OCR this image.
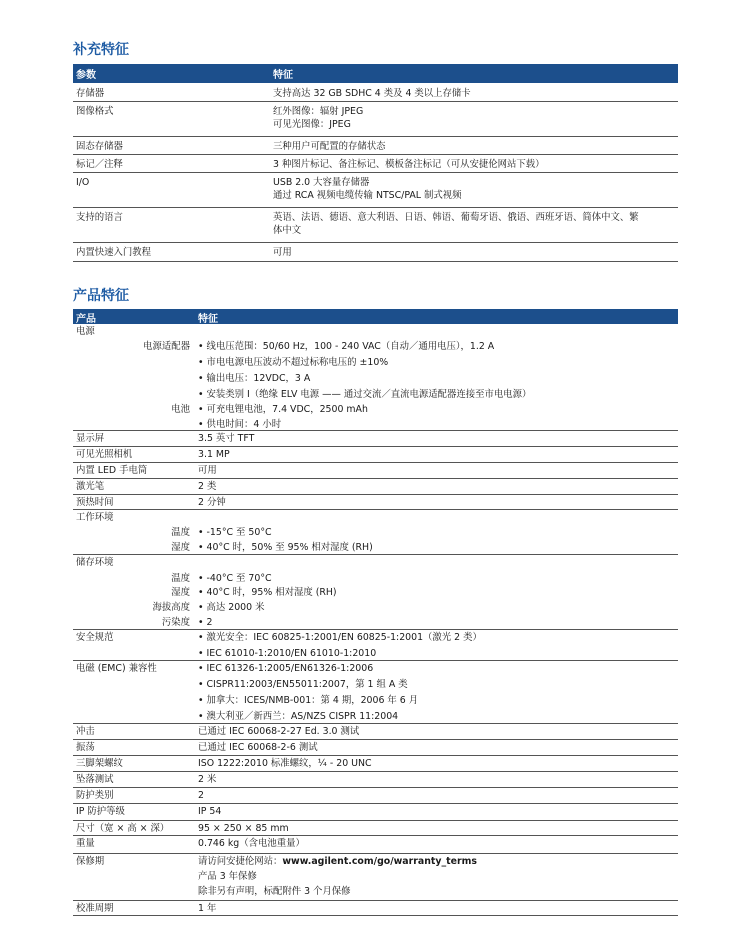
补充特征
参数	特征
存储器	支持高达 32 GB SDHC 4 类及 4 类以上存储卡
图像格式	红外图像：辐射 JPEG
可见光图像：JPEG
固态存储器	三种用户可配置的存储状态
标记／注释	3 种图片标记、备注标记、模板备注标记（可从安捷伦网站下载）
I/O	USB 2.0 大容量存储器
通过 RCA 视频电缆传输 NTSC/PAL 制式视频
支持的语言	英语、法语、德语、意大利语、日语、韩语、葡萄牙语、俄语、西班牙语、简体中文、繁
体中文
内置快速入门教程	可用
产品特征
产品	特征
电源
电源适配器	• 线电压范围：50/60 Hz，100 - 240 VAC（自动／通用电压），1.2 A
• 市电电源电压波动不超过标称电压的 ±10%
• 输出电压：12VDC，3 A
• 安装类别 I（绝缘 ELV 电源 —— 通过交流／直流电源适配器连接至市电电源）
电池	• 可充电锂电池，7.4 VDC，2500 mAh
• 供电时间：4 小时
显示屏	3.5 英寸 TFT
可见光照相机	3.1 MP
内置 LED 手电筒	可用
激光笔	2 类
预热时间	2 分钟
工作环境
温度	• -15°C 至 50°C
湿度	• 40°C 时，50% 至 95% 相对湿度 (RH)
储存环境
温度	• -40°C 至 70°C
湿度	• 40°C 时，95% 相对湿度 (RH)
海拔高度	• 高达 2000 米
污染度	• 2
安全规范	• 激光安全：IEC 60825-1:2001/EN 60825-1:2001（激光 2 类）
• IEC 61010-1:2010/EN 61010-1:2010
电磁 (EMC) 兼容性	• IEC 61326-1:2005/EN61326-1:2006
• CISPR11:2003/EN55011:2007，第 1 组 A 类
• 加拿大：ICES/NMB-001：第 4 期，2006 年 6 月
• 澳大利亚／新西兰：AS/NZS CISPR 11:2004
冲击	已通过 IEC 60068-2-27 Ed. 3.0 测试
振荡	已通过 IEC 60068-2-6 测试
三脚架螺纹	ISO 1222:2010 标准螺纹，¼ - 20 UNC
坠落测试	2 米
防护类别	2
IP 防护等级	IP 54
尺寸（宽 × 高 × 深）	95 × 250 × 85 mm
重量	0.746 kg（含电池重量）
保修期	请访问安捷伦网站：www.agilent.com/go/warranty_terms
产品 3 年保修
除非另有声明，标配附件 3 个月保修
校准周期	1 年
